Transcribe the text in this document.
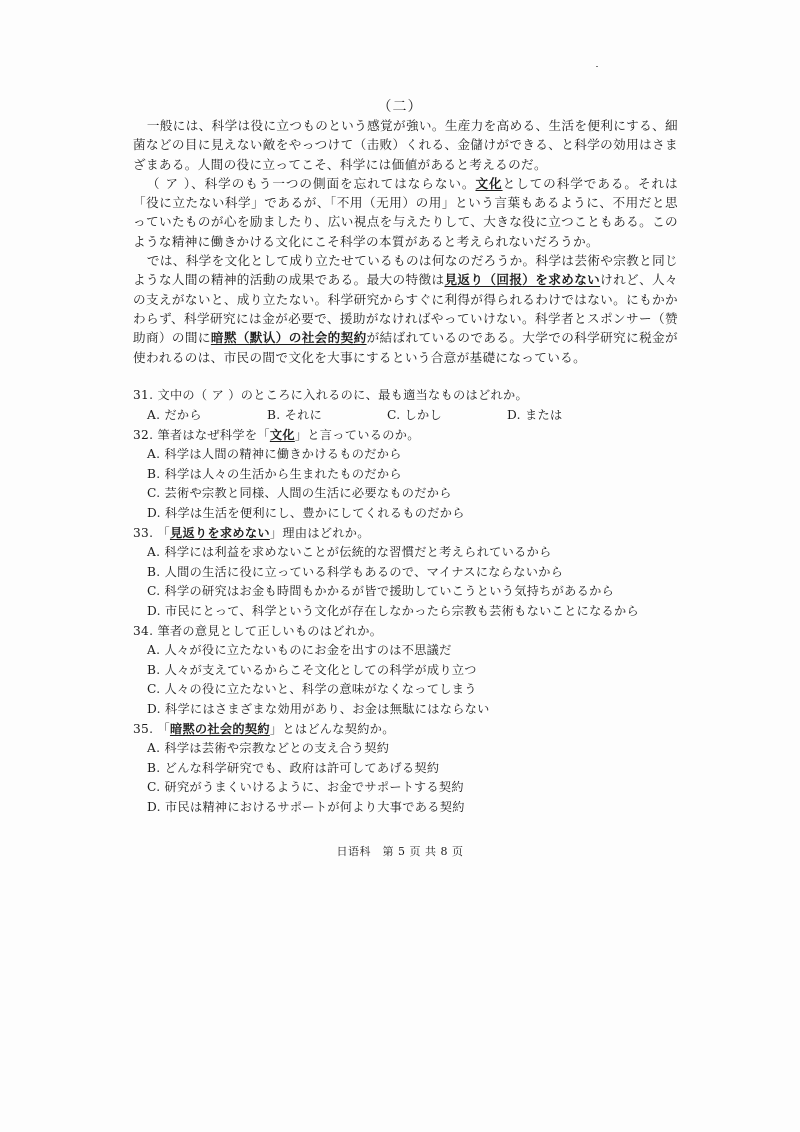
（二）

一般には、科学は役に立つものという感覚が強い。生産力を高める、生活を便利にする、細菌などの目に見えない敵をやっつけて（击败）くれる、金儲けができる、と科学の効用はさまざまある。人間の役に立ってこそ、科学には価値があると考えるのだ。

（ ア ）、科学のもう一つの側面を忘れてはならない。文化としての科学である。それは「役に立たない科学」であるが、「不用（无用）の用」という言葉もあるように、不用だと思っていたものが心を励ましたり、広い視点を与えたりして、大きな役に立つこともある。このような精神に働きかける文化にこそ科学の本質があると考えられないだろうか。

では、科学を文化として成り立たせているものは何なのだろうか。科学は芸術や宗教と同じような人間の精神的活動の成果である。最大の特徴は見返り（回报）を求めないけれど、人々の支えがないと、成り立たない。科学研究からすぐに利得が得られるわけではない。にもかかわらず、科学研究には金が必要で、援助がなければやっていけない。科学者とスポンサー（赞助商）の間に暗黙（默认）の社会的契約が結ばれているのである。大学での科学研究に税金が使われるのは、市民の間で文化を大事にするという合意が基礎になっている。

31. 文中の（ ア ）のところに入れるのに、最も適当なものはどれか。
A. だから	B. それに	C. しかし	D. または
32. 筆者はなぜ科学を「文化」と言っているのか。
A. 科学は人間の精神に働きかけるものだから
B. 科学は人々の生活から生まれたものだから
C. 芸術や宗教と同様、人間の生活に必要なものだから
D. 科学は生活を便利にし、豊かにしてくれるものだから
33. 「見返りを求めない」理由はどれか。
A. 科学には利益を求めないことが伝統的な習慣だと考えられているから
B. 人間の生活に役に立っている科学もあるので、マイナスにならないから
C. 科学の研究はお金も時間もかかるが皆で援助していこうという気持ちがあるから
D. 市民にとって、科学という文化が存在しなかったら宗教も芸術もないことになるから
34. 筆者の意見として正しいものはどれか。
A. 人々が役に立たないものにお金を出すのは不思議だ
B. 人々が支えているからこそ文化としての科学が成り立つ
C. 人々の役に立たないと、科学の意味がなくなってしまう
D. 科学にはさまざまな効用があり、お金は無駄にはならない
35. 「暗黙の社会的契約」とはどんな契約か。
A. 科学は芸術や宗教などとの支え合う契約
B. どんな科学研究でも、政府は許可してあげる契約
C. 研究がうまくいけるように、お金でサポートする契約
D. 市民は精神におけるサポートが何より大事である契約
日语科　第 5 页 共 8 页
